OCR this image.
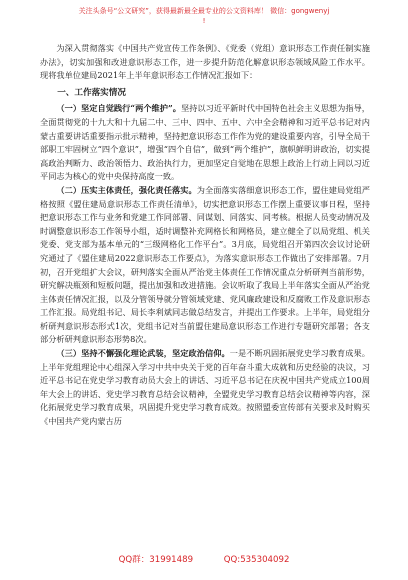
关注头条号“公文研究”，获得最新最全最专业的公文资料库！ 微信：gongwenyj
!

为深入贯彻落实《中国共产党宣传工作条例》、《党委（党组）意识形态工作责任制实施办法》，切实加强和改进意识形态工作，进一步提升防范化解意识形态领域风险工作水平。现将我单位建局2021年上半年意识形态工作情况汇报如下：

一、工作落实情况

（一）坚定自觉践行“两个维护”。坚持以习近平新时代中国特色社会主义思想为指导，全面贯彻党的十九大和十九届二中、三中、四中、五中、六中全会精神和习近平总书记对内蒙古重要讲话重要指示批示精神，坚持把意识形态工作作为党的建设重要内容，引导全局干部职工牢固树立“四个意识”，增强“四个自信”，做到“两个维护”，旗帜鲜明讲政治，切实提高政治判断力、政治领悟力、政治执行力，更加坚定自觉地在思想上政治上行动上同以习近平同志为核心的党中央保持高度一致。

（二）压实主体责任，强化责任落实。为全面落实落细意识形态工作，盟住建局党组严格按照《盟住建局意识形态工作责任清单》，切实把意识形态工作摆上重要议事日程，坚持把意识形态工作与业务和党建工作同部署、同谋划、同落实、同考核。根据人员变动情况及时调整意识形态工作领导小组，适时调整补充网格长和网格员，建立健全了以局党组、机关党委、党支部为基本单元的“三级网格化工作平台”。3月底，局党组召开第四次会议讨论研究通过了《盟住建局2022意识形态工作要点》，为落实意识形态工作做出了安排部署。7月初，召开党组扩大会议，研判落实全面从严治党主体责任工作情况重点分析研判当前形势，研究解决瓶颈和短板问题，提出加强和改进措施。会议听取了我局上半年落实全面从严治党主体责任情况汇报，以及分管领导就分管领域党建、党风廉政建设和反腐败工作及意识形态工作汇报。局党组书记、局长李利斌同志做总结发言，并提出工作要求。上半年，局党组分析研判意识形态形式1次，党组书记对当前盟住建局意识形态工作进行专题研究部署；各支部分析研判意识形态形势8次。

（三）坚持不懈强化理论武装，坚定政治信仰。一是不断巩固拓展党史学习教育成果。上半年党组理论中心组深入学习中共中央关于党的百年奋斗重大成就和历史经验的决议，习近平总书记在党史学习教育动员大会上的讲话、习近平总书记在庆祝中国共产党成立100周年大会上的讲话、党史学习教育总结会议精神，全盟党史学习教育总结会议精神等内容，深化拓展党史学习教育成果，巩固提升党史学习教育成效。按照盟委宣传部有关要求及时购买《中国共产党内蒙古历

QQ群：31991489	QQ:535304092
